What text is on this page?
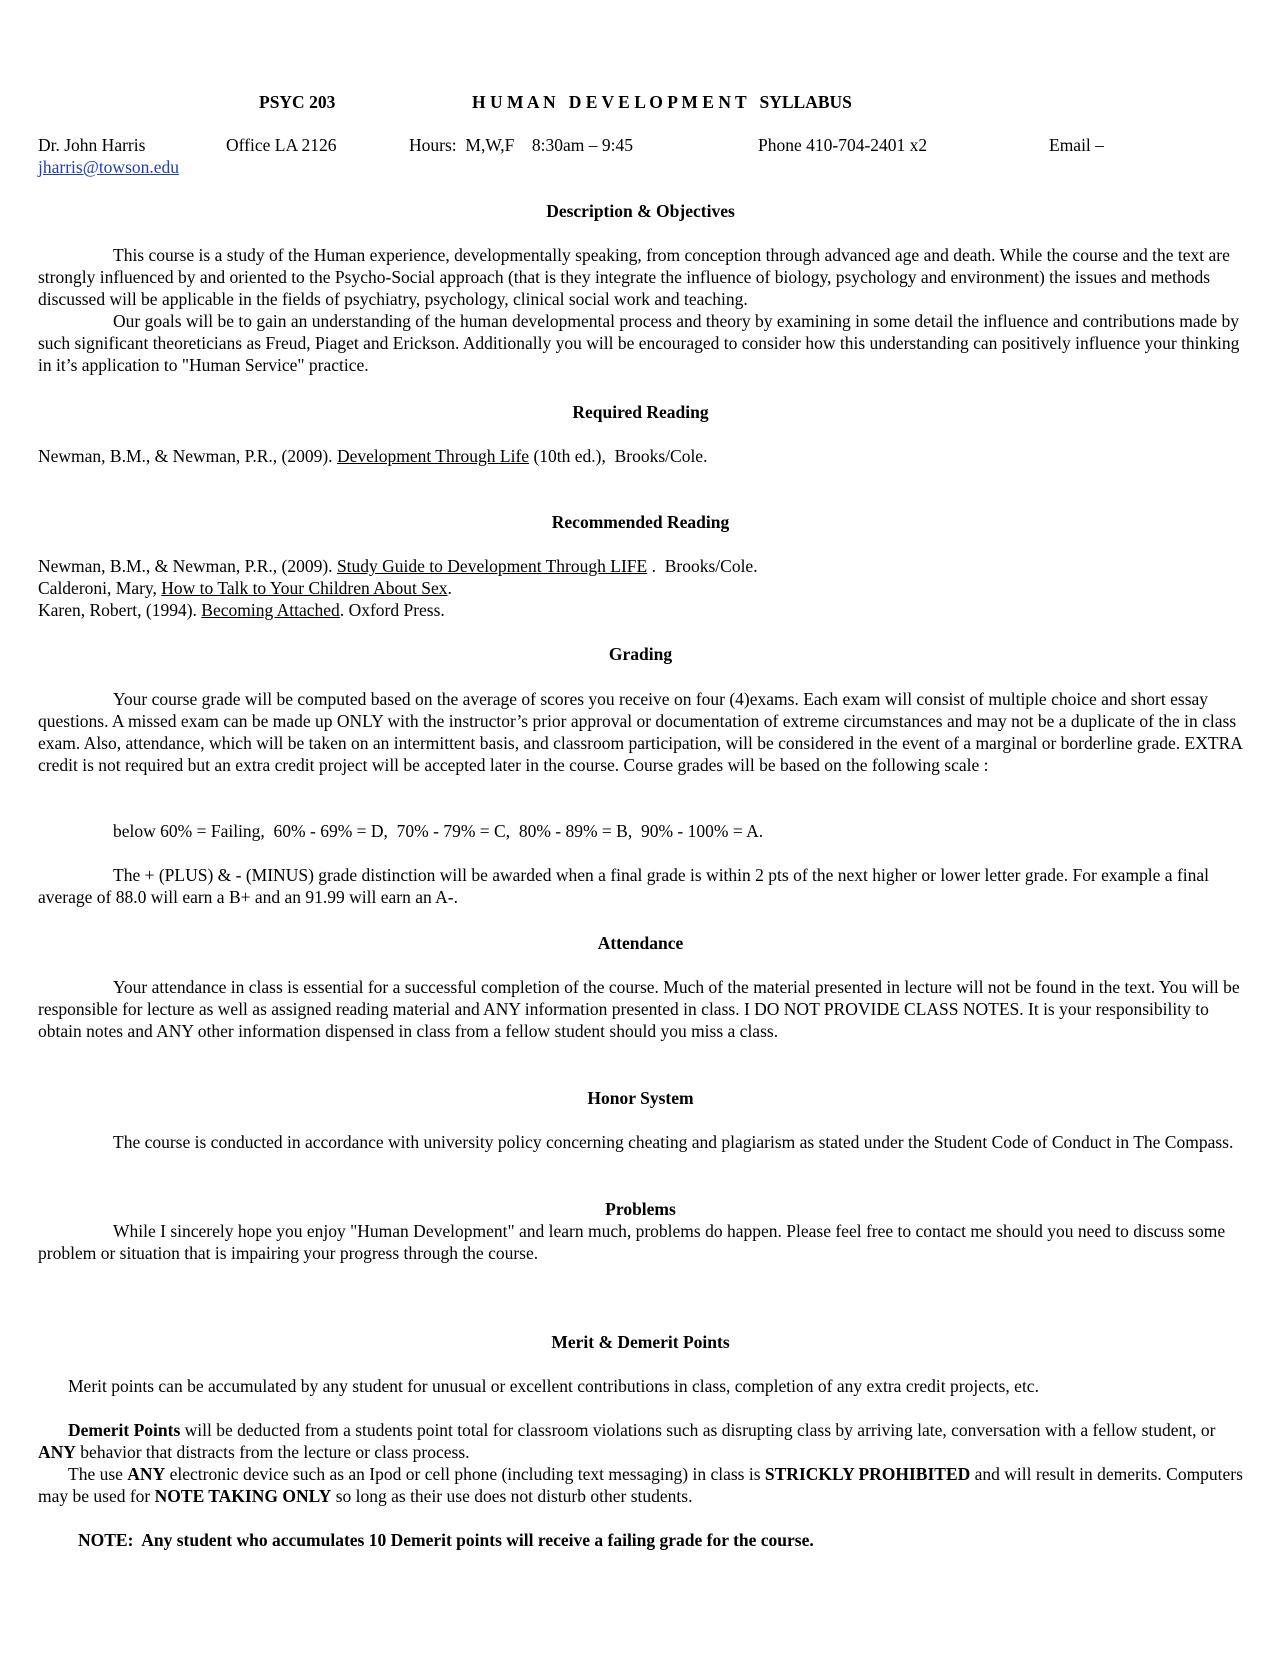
PSYC 203	H U M A N   D E V E L O P M E N T   SYLLABUS
Dr. John Harris	Office LA 2126	Hours:  M,W,F    8:30am – 9:45	Phone 410-704-2401 x2	Email –
jharris@towson.edu
Description & Objectives

This course is a study of the Human experience, developmentally speaking, from conception through advanced age and death. While the course and the text are strongly influenced by and oriented to the Psycho-Social approach (that is they integrate the influence of biology, psychology and environment) the issues and methods discussed will be applicable in the fields of psychiatry, psychology, clinical social work and teaching.

Our goals will be to gain an understanding of the human developmental process and theory by examining in some detail the influence and contributions made by such significant theoreticians as Freud, Piaget and Erickson. Additionally you will be encouraged to consider how this understanding can positively influence your thinking in it’s application to "Human Service" practice.

Required Reading

Newman, B.M., & Newman, P.R., (2009). Development Through Life (10th ed.),  Brooks/Cole.

Recommended Reading

Newman, B.M., & Newman, P.R., (2009). Study Guide to Development Through LIFE .  Brooks/Cole.

Calderoni, Mary, How to Talk to Your Children About Sex.

Karen, Robert, (1994). Becoming Attached. Oxford Press.

Grading

Your course grade will be computed based on the average of scores you receive on four (4)exams. Each exam will consist of multiple choice and short essay questions. A missed exam can be made up ONLY with the instructor’s prior approval or documentation of extreme circumstances and may not be a duplicate of the in class exam. Also, attendance, which will be taken on an intermittent basis, and classroom participation, will be considered in the event of a marginal or borderline grade. EXTRA credit is not required but an extra credit project will be accepted later in the course. Course grades will be based on the following scale :

below 60% = Failing,  60% - 69% = D,  70% - 79% = C,  80% - 89% = B,  90% - 100% = A.

The + (PLUS) & - (MINUS) grade distinction will be awarded when a final grade is within 2 pts of the next higher or lower letter grade. For example a final average of 88.0 will earn a B+ and an 91.99 will earn an A-.

Attendance

Your attendance in class is essential for a successful completion of the course. Much of the material presented in lecture will not be found in the text. You will be responsible for lecture as well as assigned reading material and ANY information presented in class. I DO NOT PROVIDE CLASS NOTES. It is your responsibility to obtain notes and ANY other information dispensed in class from a fellow student should you miss a class.

Honor System

The course is conducted in accordance with university policy concerning cheating and plagiarism as stated under the Student Code of Conduct in The Compass.

Problems

While I sincerely hope you enjoy "Human Development" and learn much, problems do happen. Please feel free to contact me should you need to discuss some problem or situation that is impairing your progress through the course.

Merit & Demerit Points

Merit points can be accumulated by any student for unusual or excellent contributions in class, completion of any extra credit projects, etc.

Demerit Points will be deducted from a students point total for classroom violations such as disrupting class by arriving late, conversation with a fellow student, or ANY behavior that distracts from the lecture or class process.

The use ANY electronic device such as an Ipod or cell phone (including text messaging) in class is STRICKLY PROHIBITED and will result in demerits. Computers may be used for NOTE TAKING ONLY so long as their use does not disturb other students.

NOTE:  Any student who accumulates 10 Demerit points will receive a failing grade for the course.
